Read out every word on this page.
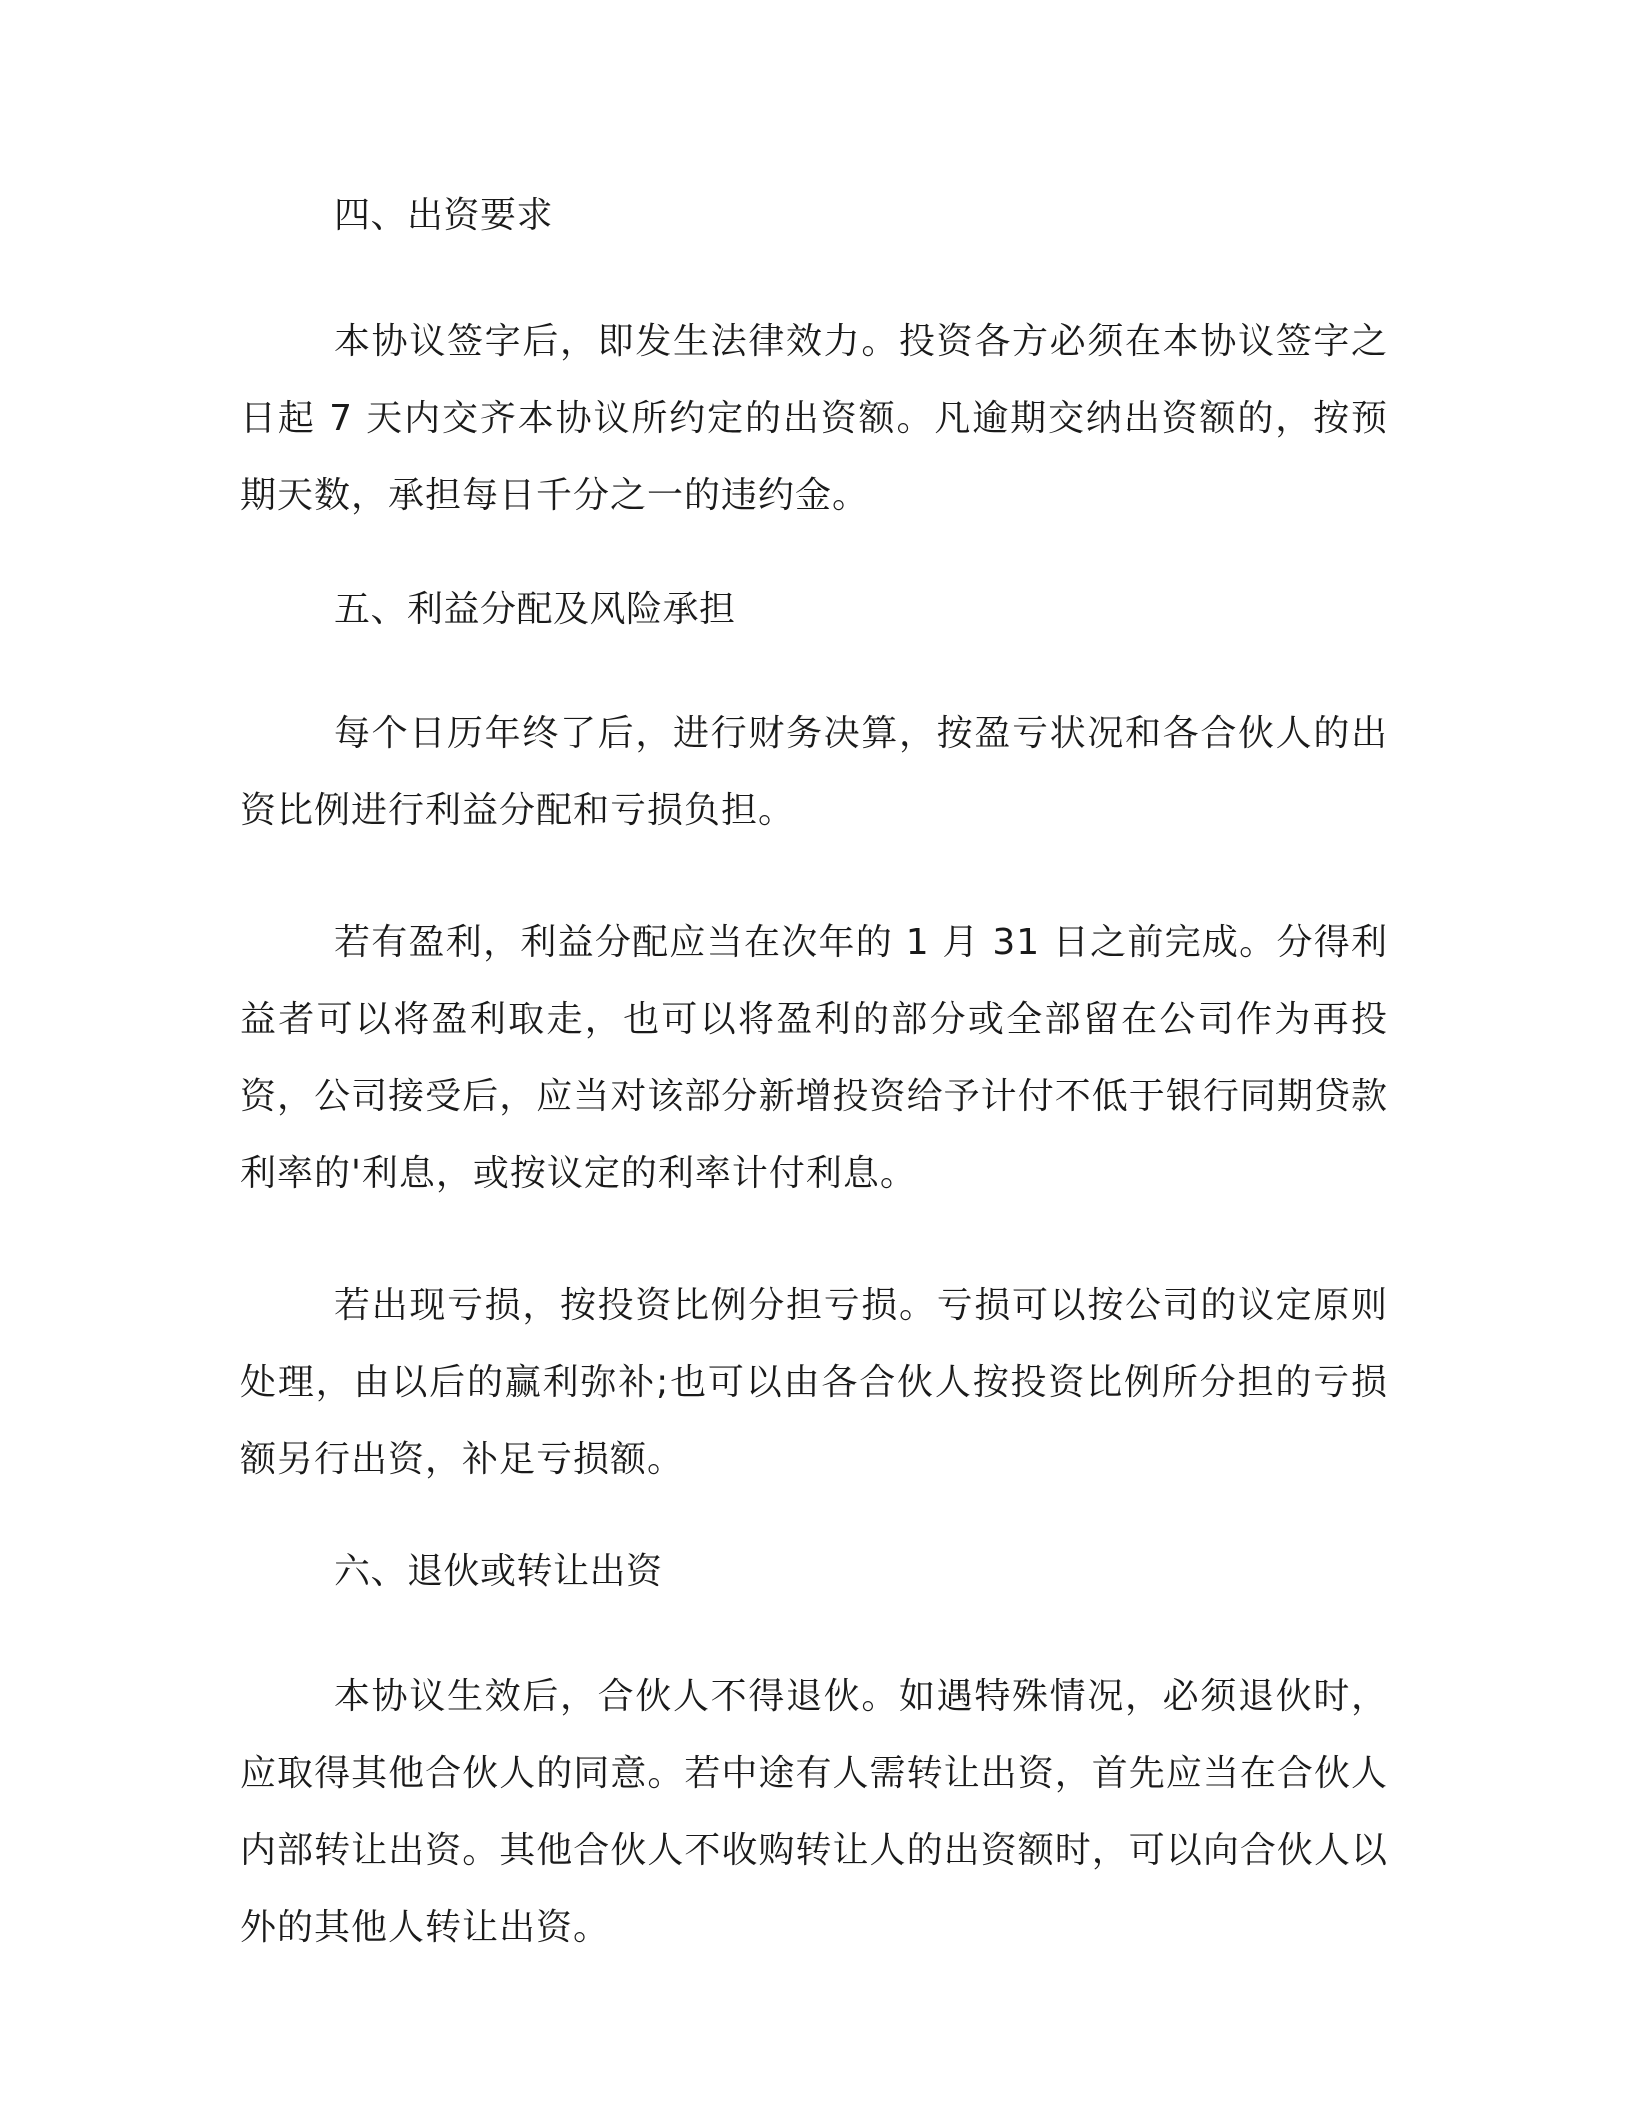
四、出资要求

本协议签字后，即发生法律效力。投资各方必须在本协议签字之日起 7 天内交齐本协议所约定的出资额。凡逾期交纳出资额的，按预期天数，承担每日千分之一的违约金。

五、利益分配及风险承担

每个日历年终了后，进行财务决算，按盈亏状况和各合伙人的出资比例进行利益分配和亏损负担。

若有盈利，利益分配应当在次年的 1 月 31 日之前完成。分得利益者可以将盈利取走，也可以将盈利的部分或全部留在公司作为再投资，公司接受后，应当对该部分新增投资给予计付不低于银行同期贷款利率的'利息，或按议定的利率计付利息。

若出现亏损，按投资比例分担亏损。亏损可以按公司的议定原则处理，由以后的赢利弥补;也可以由各合伙人按投资比例所分担的亏损额另行出资，补足亏损额。

六、退伙或转让出资

本协议生效后，合伙人不得退伙。如遇特殊情况，必须退伙时，应取得其他合伙人的同意。若中途有人需转让出资，首先应当在合伙人内部转让出资。其他合伙人不收购转让人的出资额时，可以向合伙人以外的其他人转让出资。
